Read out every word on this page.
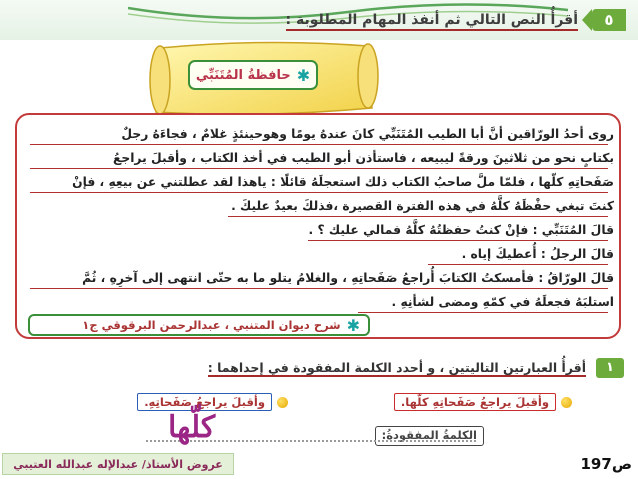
٥
أقرأُ النص التالي ثم أنفذ المهام المطلوبة :
✱
حافظةُ المُتَنَبِّي
روى أحدُ الورّاقين أنَّ أبا الطيب المُتَنَبِّي كانَ عندهُ يومًا وهوحينئذٍ غلامٌ ، فجاءَهُ رجلٌ
بكتابٍ نحو من ثلاثينَ ورقةً ليبيعه ، فاستأذن أبو الطيب في أخذ الكتاب ، وأقبلَ يراجعُ
صَفَحاتِهِ كلّها ، فلمّا ملَّ صاحبُ الكتاب ذلك استعجلَهُ قائلًا : ياهذا لقد عطلتني عن بيعِهِ ، فإنْ
كنتَ تبغي حفْظَهُ كلَّهُ في هذه الفترة القصيرة ،فذلكَ بعيدٌ عليكَ .
قالَ المُتَنَبِّي : فإنْ كنتُ حفظتُهُ كلَّهُ فمالي عليك ؟ .
قالَ الرجلُ : أُعطيكَ إياه .
قالَ الورّاقُ : فأمسكتُ الكتابَ أُراجعُ صَفَحاتِهِ ، والغلامُ يتلو ما به حتّى انتهى إلى آخرِهِ ، ثُمَّ
استلبَهُ فجعلَهُ في كمّهِ ومضى لشأنِهِ .
✱
شرح ديوان المتنبي ، عبدالرحمن البرقوقي ج١
١
أقرأُ العبارتين التاليتين ، و أحدد الكلمة المفقودة في إحداهما :
وأقبلَ يراجعُ صَفَحاتِهِ كلّها.
وأقبلَ يراجعُ صَفَحاتِهِ.
الكلمةُ المفقودةُ:
كلّها
عروض الأستاذ/ عبدالإله عبدالله العتيبي	ص197
